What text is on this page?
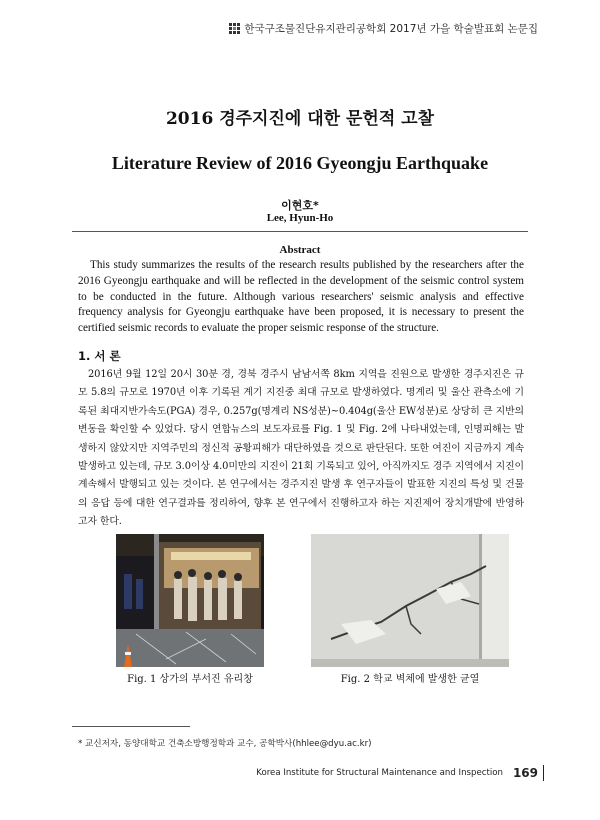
한국구조물진단유지관리공학회 2017년 가을 학술발표회 논문집
2016 경주지진에 대한 문헌적 고찰
Literature Review of 2016 Gyeongju Earthquake
이현호*
Lee, Hyun-Ho
Abstract
This study summarizes the results of the research results published by the researchers after the 2016 Gyeongju earthquake and will be reflected in the development of the seismic control system to be conducted in the future. Although various researchers' seismic analysis and effective frequency analysis for Gyeongju earthquake have been proposed, it is necessary to present the certified seismic records to evaluate the proper seismic response of the structure.
1. 서 론
2016년 9월 12일 20시 30분 경, 경북 경주시 남남서쪽 8km 지역을 진원으로 발생한 경주지진은 규모 5.8의 규모로 1970년 이후 기록된 계기 지진중 최대 규모로 발생하였다. 명계리 및 울산 관측소에 기록된 최대지반가속도(PGA) 경우, 0.257g(명계리 NS성분)~0.404g(울산 EW성분)로 상당히 큰 지반의 변동을 확인할 수 있었다. 당시 연합뉴스의 보도자료를 Fig. 1 및 Fig. 2에 나타내었는데, 인명피해는 발생하지 않았지만 지역주민의 정신적 공황피해가 대단하였을 것으로 판단된다. 또한 여진이 지금까지 계속 발생하고 있는데, 규모 3.0이상 4.0미만의 지진이 21회 기록되고 있어, 아직까지도 경주 지역에서 지진이 계속해서 발행되고 있는 것이다. 본 연구에서는 경주지진 발생 후 연구자들이 발표한 지진의 특성 및 건물의 응답 등에 대한 연구결과를 정리하여, 향후 본 연구에서 진행하고자 하는 지진제어 장치개발에 반영하고자 한다.
Fig. 1 상가의 부서진 유리창	Fig. 2 학교 벽체에 발생한 균열
* 교신저자, 동양대학교 건축소방행정학과 교수, 공학박사(hhlee@dyu.ac.kr)
Korea Institute for Structural Maintenance and Inspection 169
